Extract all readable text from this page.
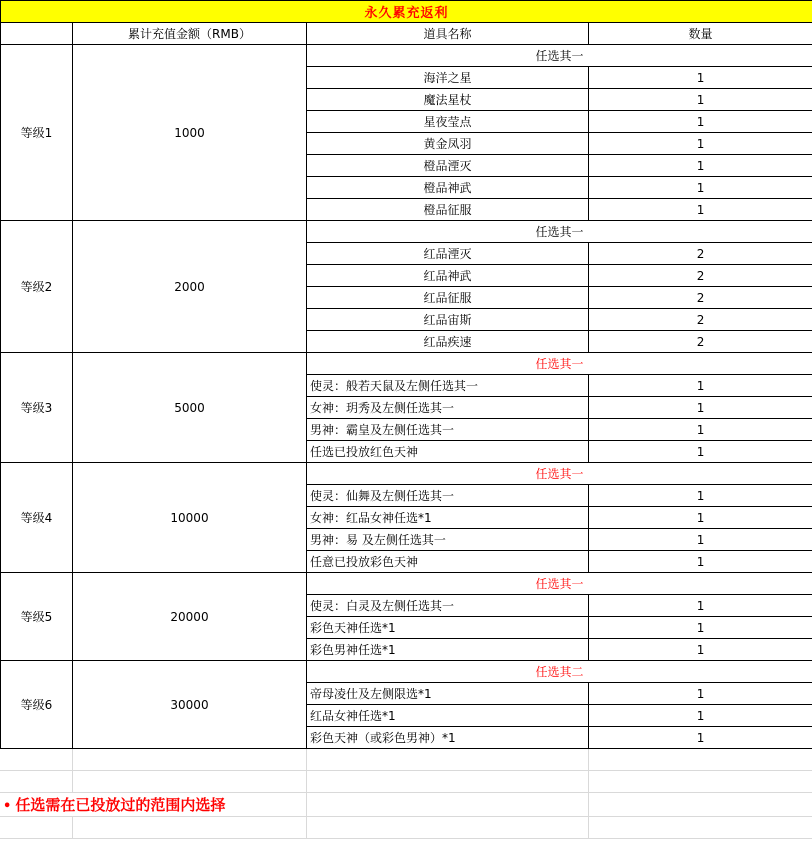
永久累充返利			
	累计充值金额（RMB）	道具名称	数量
等级1	1000	任选其一	
		海洋之星	1
		魔法星杖	1
		星夜莹点	1
		黄金凤羽	1
		橙品湮灭	1
		橙品神武	1
		橙品征服	1
等级2	2000	任选其一	
		红品湮灭	2
		红品神武	2
		红品征服	2
		红品宙斯	2
		红品疾速	2
等级3	5000	任选其一	
		使灵：般若天鼠及左侧任选其一	1
		女神：玥秀及左侧任选其一	1
		男神：霸皇及左侧任选其一	1
		任选已投放红色天神	1
等级4	10000	任选其一	
		使灵：仙舞及左侧任选其一	1
		女神：红品女神任选*1	1
		男神：易 及左侧任选其一	1
		任意已投放彩色天神	1
等级5	20000	任选其一	
		使灵：白灵及左侧任选其一	1
		彩色天神任选*1	1
		彩色男神任选*1	1
等级6	30000	任选其二	
		帝母凌仕及左侧限选*1	1
		红品女神任选*1	1
		彩色天神（或彩色男神）*1	1

• 任选需在已投放过的范围内选择			
